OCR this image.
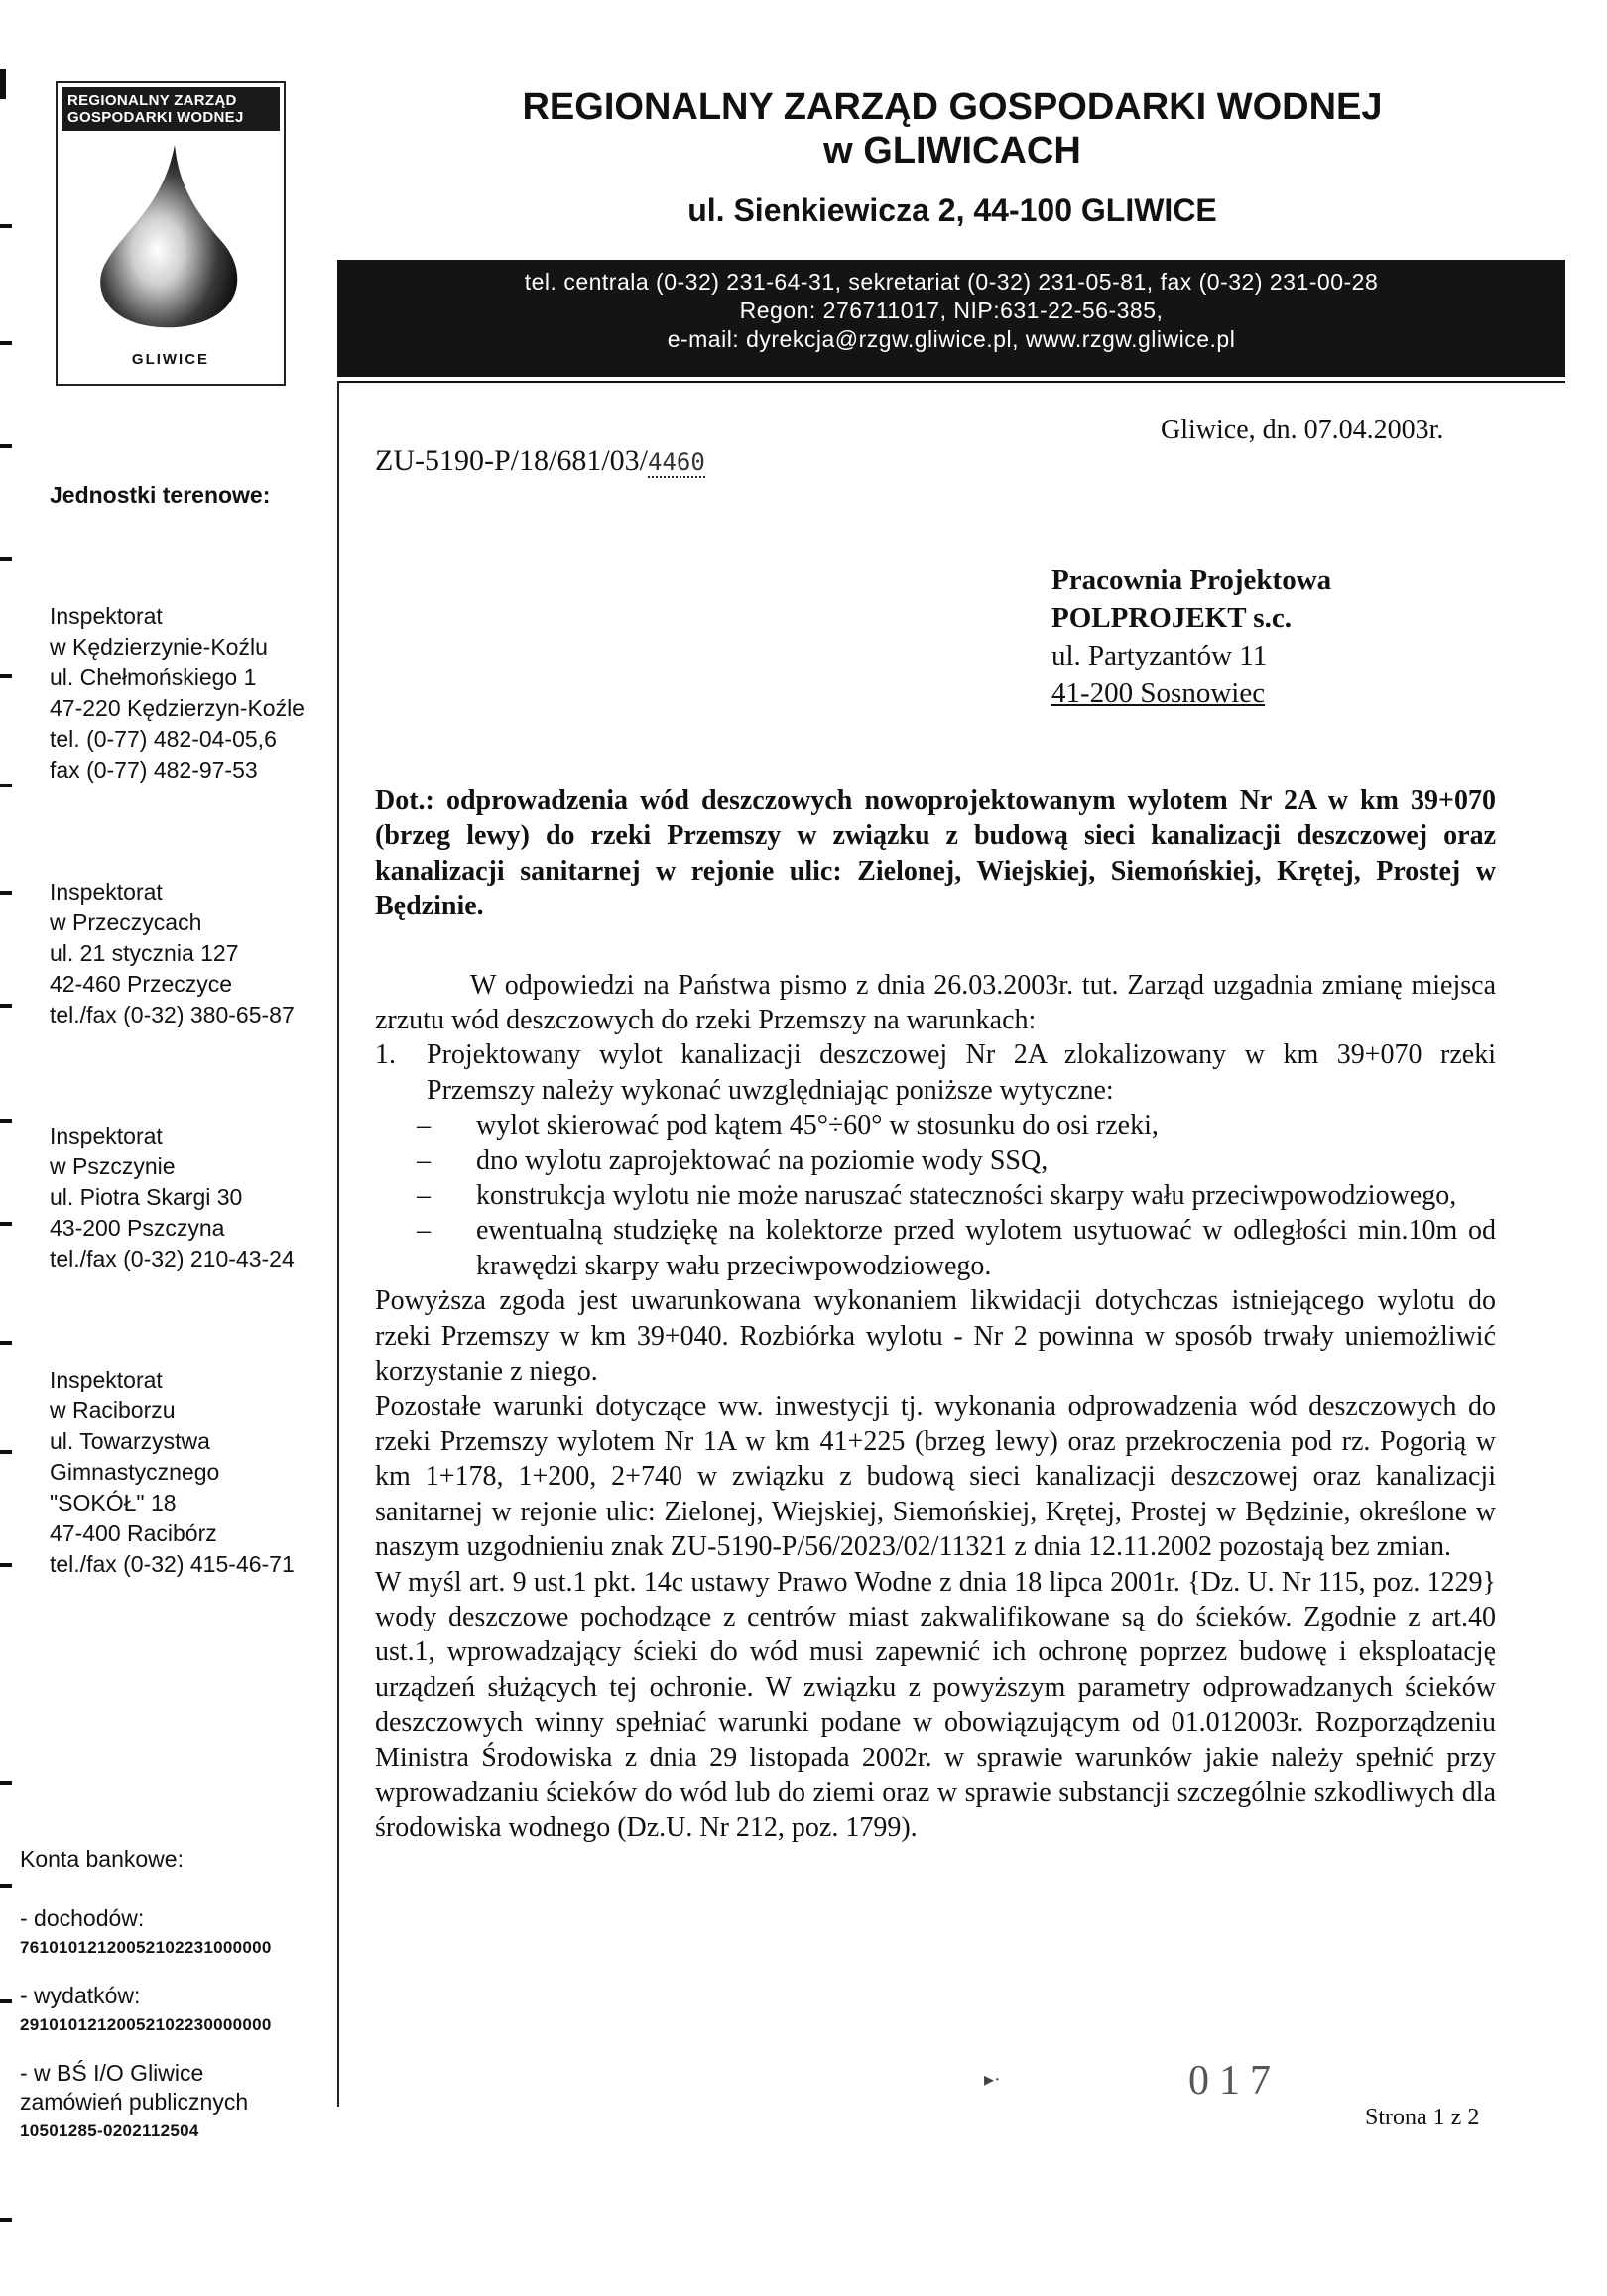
REGIONALNY ZARZĄD
GOSPODARKI WODNEJ
GLIWICE
REGIONALNY ZARZĄD GOSPODARKI WODNEJ
w GLIWICACH
ul. Sienkiewicza 2, 44-100 GLIWICE
tel. centrala (0-32) 231-64-31, sekretariat (0-32) 231-05-81, fax (0-32) 231-00-28
Regon: 276711017, NIP:631-22-56-385,
e-mail: dyrekcja@rzgw.gliwice.pl, www.rzgw.gliwice.pl
Jednostki terenowe:
Inspektorat
w Kędzierzynie-Koźlu
ul. Chełmońskiego 1
47-220 Kędzierzyn-Koźle
tel. (0-77) 482-04-05,6
fax (0-77) 482-97-53
Inspektorat
w Przeczycach
ul. 21 stycznia 127
42-460 Przeczyce
tel./fax (0-32) 380-65-87
Inspektorat
w Pszczynie
ul. Piotra Skargi 30
43-200 Pszczyna
tel./fax (0-32) 210-43-24
Inspektorat
w Raciborzu
ul. Towarzystwa
Gimnastycznego
"SOKÓŁ" 18
47-400 Racibórz
tel./fax (0-32) 415-46-71
Konta bankowe:
- dochodów:
76101012120052102231000000
- wydatków:
29101012120052102230000000
- w BŚ I/O Gliwice
zamówień publicznych
10501285-0202112504
ZU-5190-P/18/681/03/4460
Gliwice, dn. 07.04.2003r.
Pracownia Projektowa
POLPROJEKT s.c.
ul. Partyzantów 11
41-200 Sosnowiec

Dot.: odprowadzenia wód deszczowych nowoprojektowanym wylotem Nr 2A w km 39+070 (brzeg lewy) do rzeki Przemszy w związku z budową sieci kanalizacji deszczowej oraz kanalizacji sanitarnej w rejonie ulic: Zielonej, Wiejskiej, Siemońskiej, Krętej, Prostej w Będzinie.

W odpowiedzi na Państwa pismo z dnia 26.03.2003r. tut. Zarząd uzgadnia zmianę miejsca zrzutu wód deszczowych do rzeki Przemszy na warunkach:

1.	Projektowany wylot kanalizacji deszczowej Nr 2A zlokalizowany w km 39+070 rzeki Przemszy należy wykonać uwzględniając poniższe wytyczne:
–	wylot skierować pod kątem 45°÷60° w stosunku do osi rzeki,
–	dno wylotu zaprojektować na poziomie wody SSQ,
–	konstrukcja wylotu nie może naruszać stateczności skarpy wału przeciwpowodziowego,
–	ewentualną studziękę na kolektorze przed wylotem usytuować w odległości min.10m od krawędzi skarpy wału przeciwpowodziowego.

Powyższa zgoda jest uwarunkowana wykonaniem likwidacji dotychczas istniejącego wylotu do rzeki Przemszy w km 39+040. Rozbiórka wylotu - Nr 2 powinna w sposób trwały uniemożliwić korzystanie z niego.

Pozostałe warunki dotyczące ww. inwestycji tj. wykonania odprowadzenia wód deszczowych do rzeki Przemszy wylotem Nr 1A w km 41+225 (brzeg lewy) oraz przekroczenia pod rz. Pogorią w km 1+178, 1+200, 2+740 w związku z budową sieci kanalizacji deszczowej oraz kanalizacji sanitarnej w rejonie ulic: Zielonej, Wiejskiej, Siemońskiej, Krętej, Prostej w Będzinie, określone w naszym uzgodnieniu znak ZU-5190-P/56/2023/02/11321 z dnia 12.11.2002 pozostają bez zmian.

W myśl art. 9 ust.1 pkt. 14c ustawy Prawo Wodne z dnia 18 lipca 2001r. {Dz. U. Nr 115, poz. 1229} wody deszczowe pochodzące z centrów miast zakwalifikowane są do ścieków. Zgodnie z art.40 ust.1, wprowadzający ścieki do wód musi zapewnić ich ochronę poprzez budowę i eksploatację urządzeń służących tej ochronie. W związku z powyższym parametry odprowadzanych ścieków deszczowych winny spełniać warunki podane w obowiązującym od 01.012003r. Rozporządzeniu Ministra Środowiska z dnia 29 listopada 2002r. w sprawie warunków jakie należy spełnić przy wprowadzaniu ścieków do wód lub do ziemi oraz w sprawie substancji szczególnie szkodliwych dla środowiska wodnego (Dz.U. Nr 212, poz. 1799).

▸·	017
Strona 1 z 2
